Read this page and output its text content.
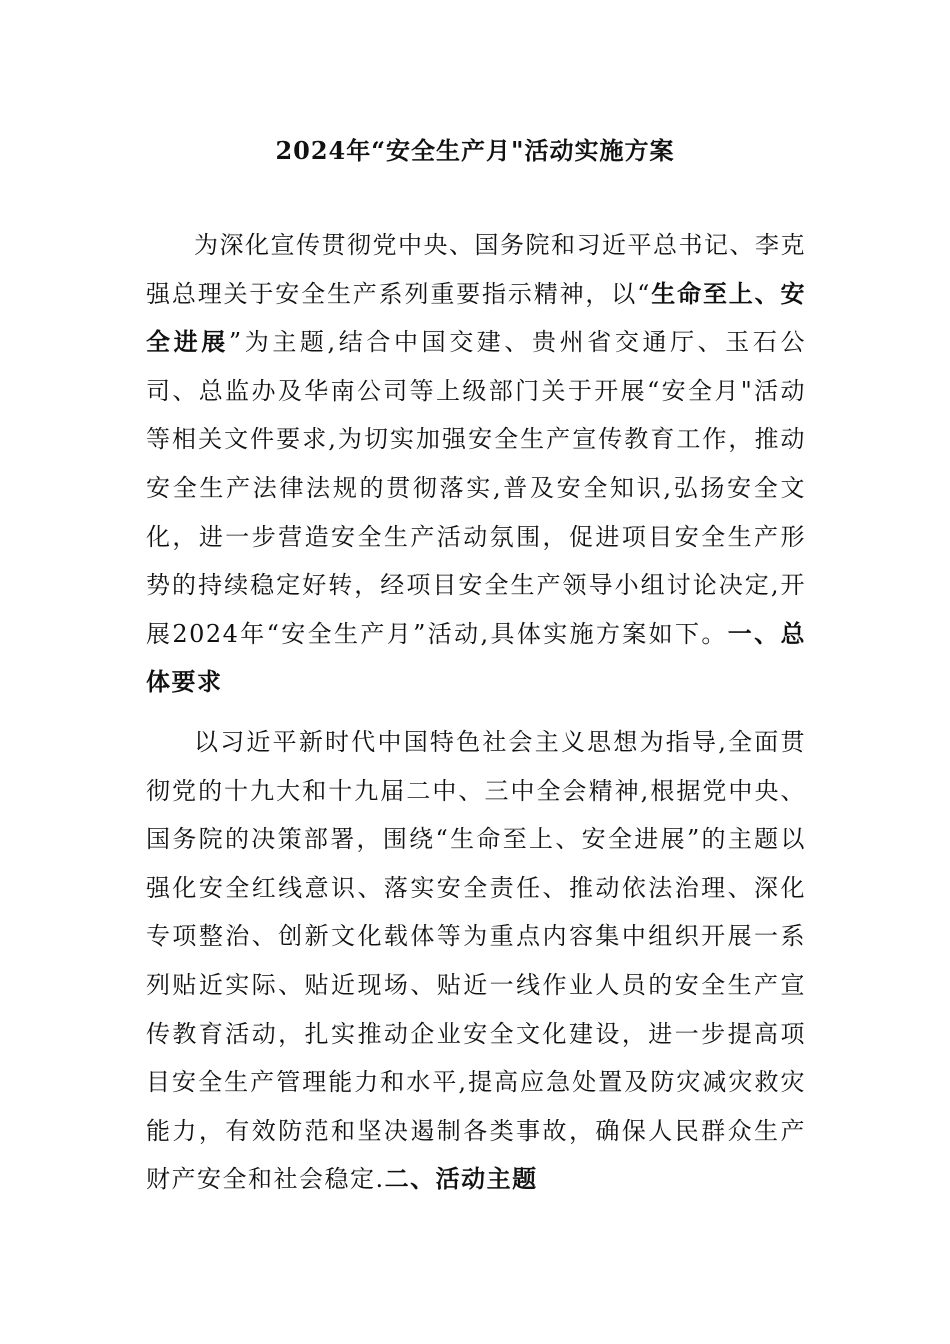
2024年“安全生产月"活动实施方案

为深化宣传贯彻党中央、国务院和习近平总书记、李克强总理关于安全生产系列重要指示精神，以“生命至上、安全进展”为主题,结合中国交建、贵州省交通厅、玉石公司、总监办及华南公司等上级部门关于开展“安全月"活动等相关文件要求,为切实加强安全生产宣传教育工作，推动安全生产法律法规的贯彻落实,普及安全知识,弘扬安全文化，进一步营造安全生产活动氛围，促进项目安全生产形势的持续稳定好转，经项目安全生产领导小组讨论决定,开展2024年“安全生产月”活动,具体实施方案如下。一、总体要求

以习近平新时代中国特色社会主义思想为指导,全面贯彻党的十九大和十九届二中、三中全会精神,根据党中央、国务院的决策部署，围绕“生命至上、安全进展”的主题以强化安全红线意识、落实安全责任、推动依法治理、深化专项整治、创新文化载体等为重点内容集中组织开展一系列贴近实际、贴近现场、贴近一线作业人员的安全生产宣传教育活动，扎实推动企业安全文化建设，进一步提高项目安全生产管理能力和水平,提高应急处置及防灾减灾救灾能力，有效防范和坚决遏制各类事故，确保人民群众生产财产安全和社会稳定.二、活动主题
